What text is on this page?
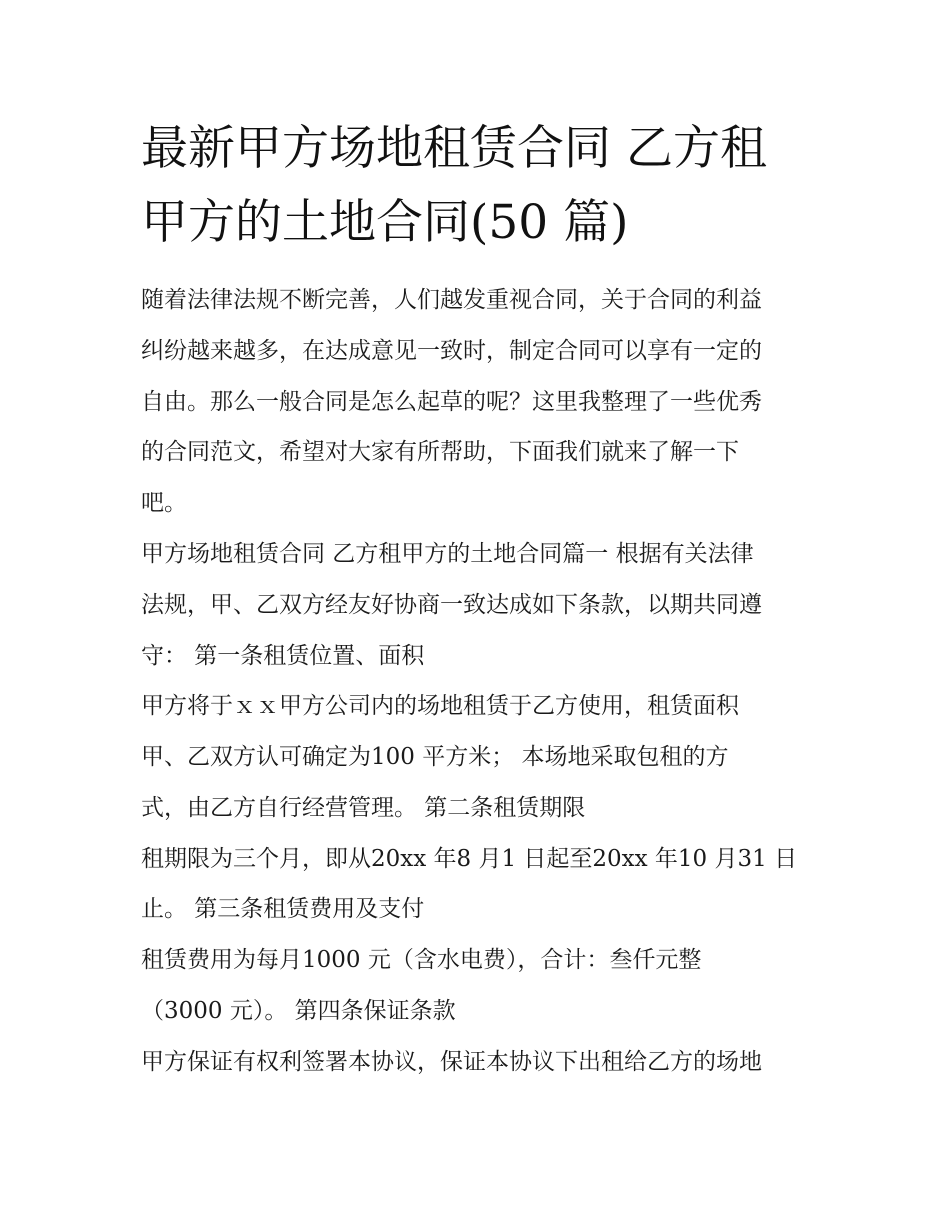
最新甲方场地租赁合同 乙方租
甲方的土地合同(50 篇)

随着法律法规不断完善，人们越发重视合同，关于合同的利益

纠纷越来越多，在达成意见一致时，制定合同可以享有一定的

自由。那么一般合同是怎么起草的呢？这里我整理了一些优秀

的合同范文，希望对大家有所帮助，下面我们就来了解一下

吧。

甲方场地租赁合同 乙方租甲方的土地合同篇一 根据有关法律

法规，甲、乙双方经友好协商一致达成如下条款，以期共同遵

守： 第一条租赁位置、面积

甲方将于ｘｘ甲方公司内的场地租赁于乙方使用，租赁面积

甲、乙双方认可确定为100 平方米； 本场地采取包租的方

式，由乙方自行经营管理。 第二条租赁期限

租期限为三个月，即从20xx 年8 月1 日起至20xx 年10 月31 日

止。 第三条租赁费用及支付

租赁费用为每月1000 元（含水电费），合计：叁仟元整

（3000 元）。 第四条保证条款

甲方保证有权利签署本协议，保证本协议下出租给乙方的场地
